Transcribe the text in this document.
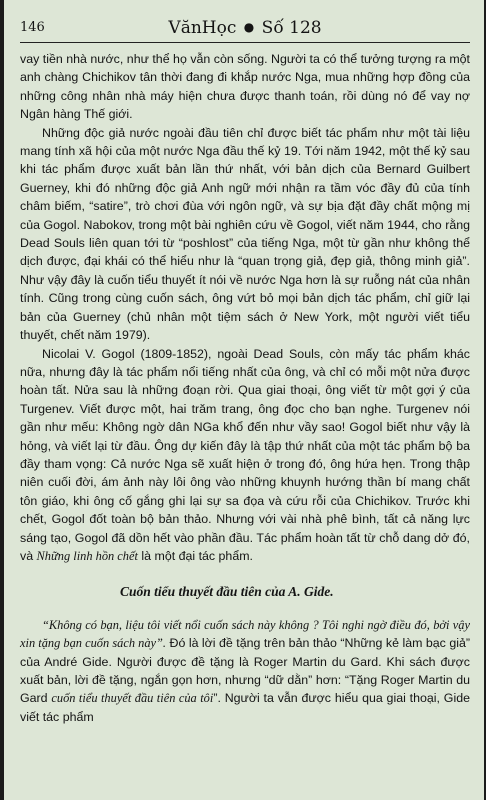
146	VănHọc ● Số 128

vay tiền nhà nước, như thể họ vẫn còn sống. Người ta có thể tưởng tượng ra một anh chàng Chichikov tân thời đang đi khắp nước Nga, mua những hợp đồng của những công nhân nhà máy hiện chưa được thanh toán, rồi dùng nó để vay nợ Ngân hàng Thế giới.

Những độc giả nước ngoài đầu tiên chỉ được biết tác phẩm như một tài liệu mang tính xã hội của một nước Nga đầu thế kỷ 19. Tới năm 1942, một thế kỷ sau khi tác phẩm được xuất bản lần thứ nhất, với bản dịch của Bernard Guilbert Guerney, khi đó những độc giả Anh ngữ mới nhận ra tầm vóc đầy đủ của tính châm biếm, “satire”, trò chơi đùa với ngôn ngữ, và sự bịa đặt đầy chất mộng mị của Gogol. Nabokov, trong một bài nghiên cứu về Gogol, viết năm 1944, cho rằng Dead Souls liên quan tới từ “poshlost” của tiếng Nga, một từ gần như không thể dịch được, đại khái có thể hiểu như là “quan trọng giả, đẹp giả, thông minh giả”. Như vậy đây là cuốn tiểu thuyết ít nói về nước Nga hơn là sự ruỗng nát của nhân tính. Cũng trong cùng cuốn sách, ông vứt bỏ mọi bản dịch tác phẩm, chỉ giữ lại bản của Guerney (chủ nhân một tiệm sách ở New York, một người viết tiểu thuyết, chết năm 1979).

Nicolai V. Gogol (1809-1852), ngoài Dead Souls, còn mấy tác phẩm khác nữa, nhưng đây là tác phẩm nổi tiếng nhất của ông, và chỉ có mỗi một nửa được hoàn tất. Nửa sau là những đoạn rời. Qua giai thoại, ông viết từ một gợi ý của Turgenev. Viết được một, hai trăm trang, ông đọc cho bạn nghe. Turgenev nói gần như mếu: Không ngờ dân NGa khổ đến như vầy sao! Gogol biết như vậy là hỏng, và viết lại từ đầu. Ông dự kiến đây là tập thứ nhất của một tác phẩm bộ ba đầy tham vọng: Cả nước Nga sẽ xuất hiện ở trong đó, ông hứa hẹn. Trong thập niên cuối đời, ám ảnh này lôi ông vào những khuynh hướng thần bí mang chất tôn giáo, khi ông cố gắng ghi lại sự sa đọa và cứu rỗi của Chichikov. Trước khi chết, Gogol đốt toàn bộ bản thảo. Nhưng với vài nhà phê bình, tất cả năng lực sáng tạo, Gogol đã dồn hết vào phần đầu. Tác phẩm hoàn tất từ chỗ dang dở đó, và Những linh hồn chết là một đại tác phẩm.

Cuốn tiểu thuyết đầu tiên của A. Gide.

“Không có bạn, liệu tôi viết nổi cuốn sách này không ? Tôi nghi ngờ điều đó, bởi vậy xin tặng bạn cuốn sách này”. Đó là lời đề tặng trên bản thảo “Những kẻ làm bạc giả” của André Gide. Người được đề tặng là Roger Martin du Gard. Khi sách được xuất bản, lời đề tặng, ngắn gọn hơn, nhưng “dữ dằn” hơn: “Tặng Roger Martin du Gard cuốn tiểu thuyết đầu tiên của tôi”. Người ta vẫn được hiểu qua giai thoại, Gide viết tác phẩm
